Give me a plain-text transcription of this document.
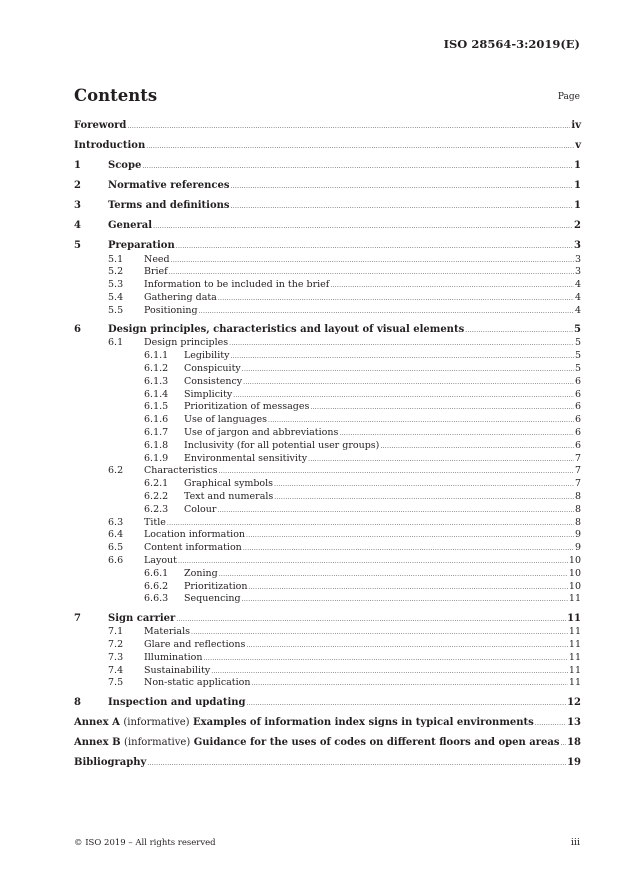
ISO 28564-3:2019(E)
Contents	Page
Foreword .....	iv
Introduction .....	v
1	Scope .....	1
2	Normative references .....	1
3	Terms and definitions .....	1
4	General .....	2
5	Preparation .....	3
5.1	Need .....	3
5.2	Brief .....	3
5.3	Information to be included in the brief .....	4
5.4	Gathering data .....	4
5.5	Positioning .....	4
6	Design principles, characteristics and layout of visual elements .....	5
6.1	Design principles .....	5
6.1.1	Legibility .....	5
6.1.2	Conspicuity .....	5
6.1.3	Consistency .....	6
6.1.4	Simplicity .....	6
6.1.5	Prioritization of messages .....	6
6.1.6	Use of languages .....	6
6.1.7	Use of jargon and abbreviations .....	6
6.1.8	Inclusivity (for all potential user groups) .....	6
6.1.9	Environmental sensitivity .....	7
6.2	Characteristics .....	7
6.2.1	Graphical symbols .....	7
6.2.2	Text and numerals .....	8
6.2.3	Colour .....	8
6.3	Title .....	8
6.4	Location information .....	9
6.5	Content information .....	9
6.6	Layout .....	10
6.6.1	Zoning .....	10
6.6.2	Prioritization .....	10
6.6.3	Sequencing .....	11
7	Sign carrier .....	11
7.1	Materials .....	11
7.2	Glare and reflections .....	11
7.3	Illumination .....	11
7.4	Sustainability .....	11
7.5	Non-static application .....	11
8	Inspection and updating .....	12
Annex A (informative) Examples of information index signs in typical environments .....	13
Annex B (informative) Guidance for the uses of codes on different floors and open areas ..... 18
Bibliography .....	19
© ISO 2019 – All rights reserved	iii
